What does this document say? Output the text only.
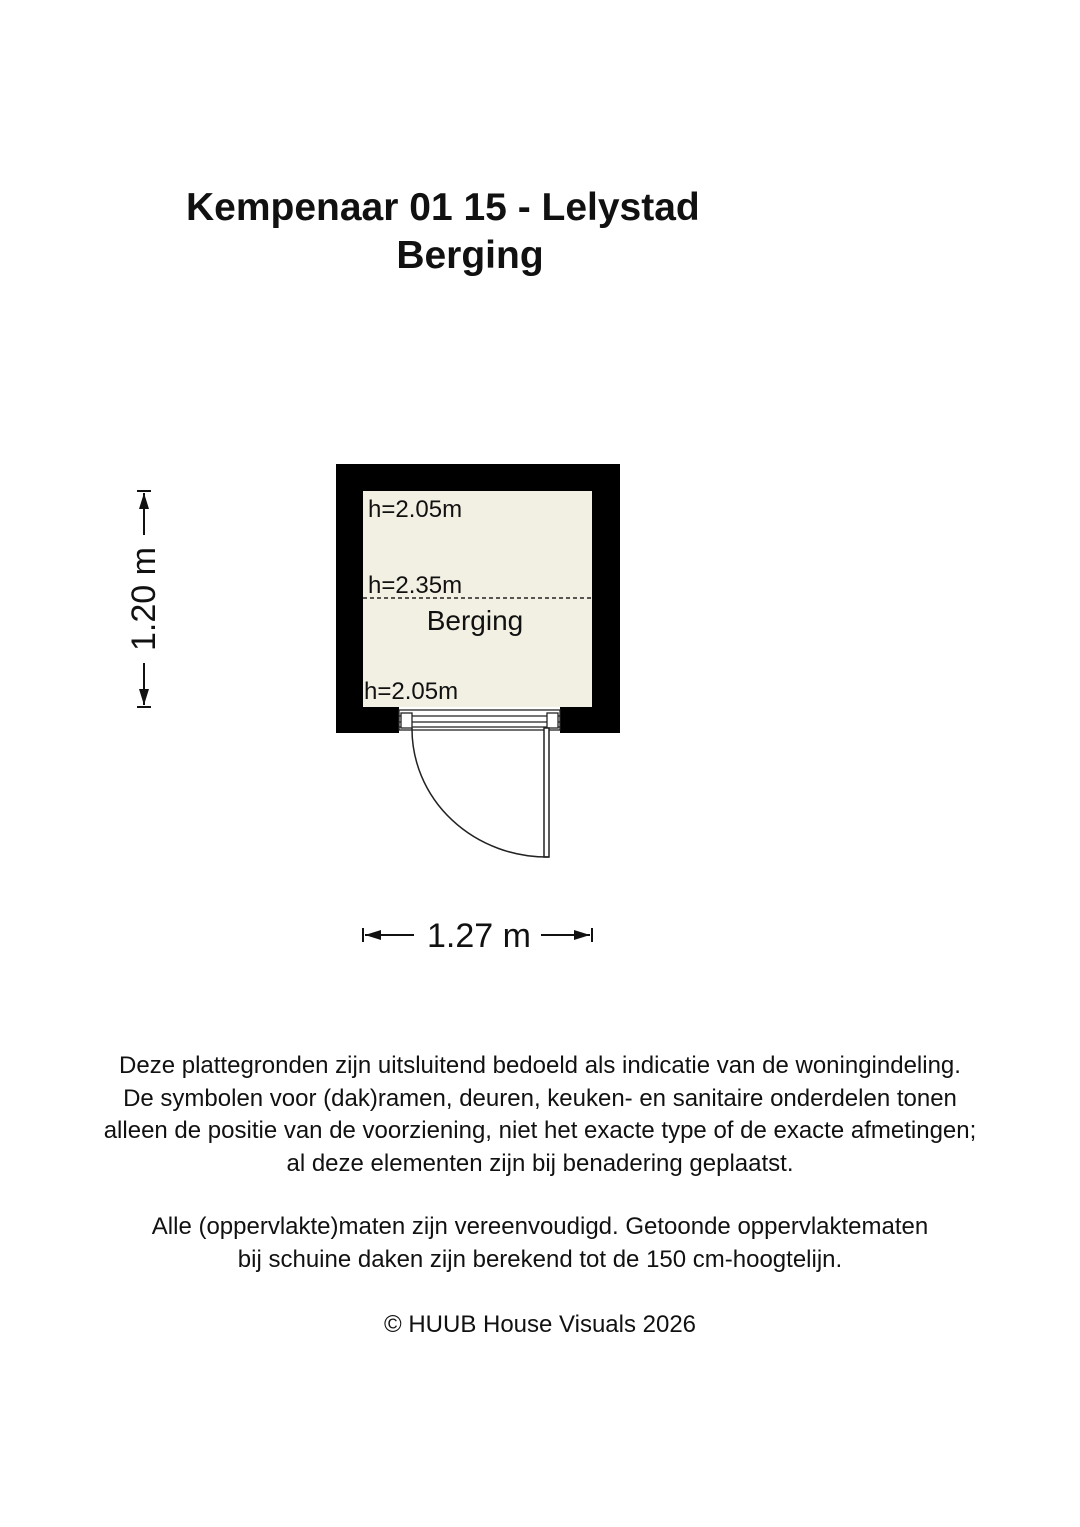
Kempenaar 01 15 - Lelystad
Berging
h=2.05m
h=2.35m
Berging
h=2.05m
1.20 m
1.27 m
Deze plattegronden zijn uitsluitend bedoeld als indicatie van de woningindeling.
De symbolen voor (dak)ramen, deuren, keuken- en sanitaire onderdelen tonen
alleen de positie van de voorziening, niet het exacte type of de exacte afmetingen;
al deze elementen zijn bij benadering geplaatst.
Alle (oppervlakte)maten zijn vereenvoudigd. Getoonde oppervlaktematen
bij schuine daken zijn berekend tot de 150 cm-hoogtelijn.
© HUUB House Visuals 2026
